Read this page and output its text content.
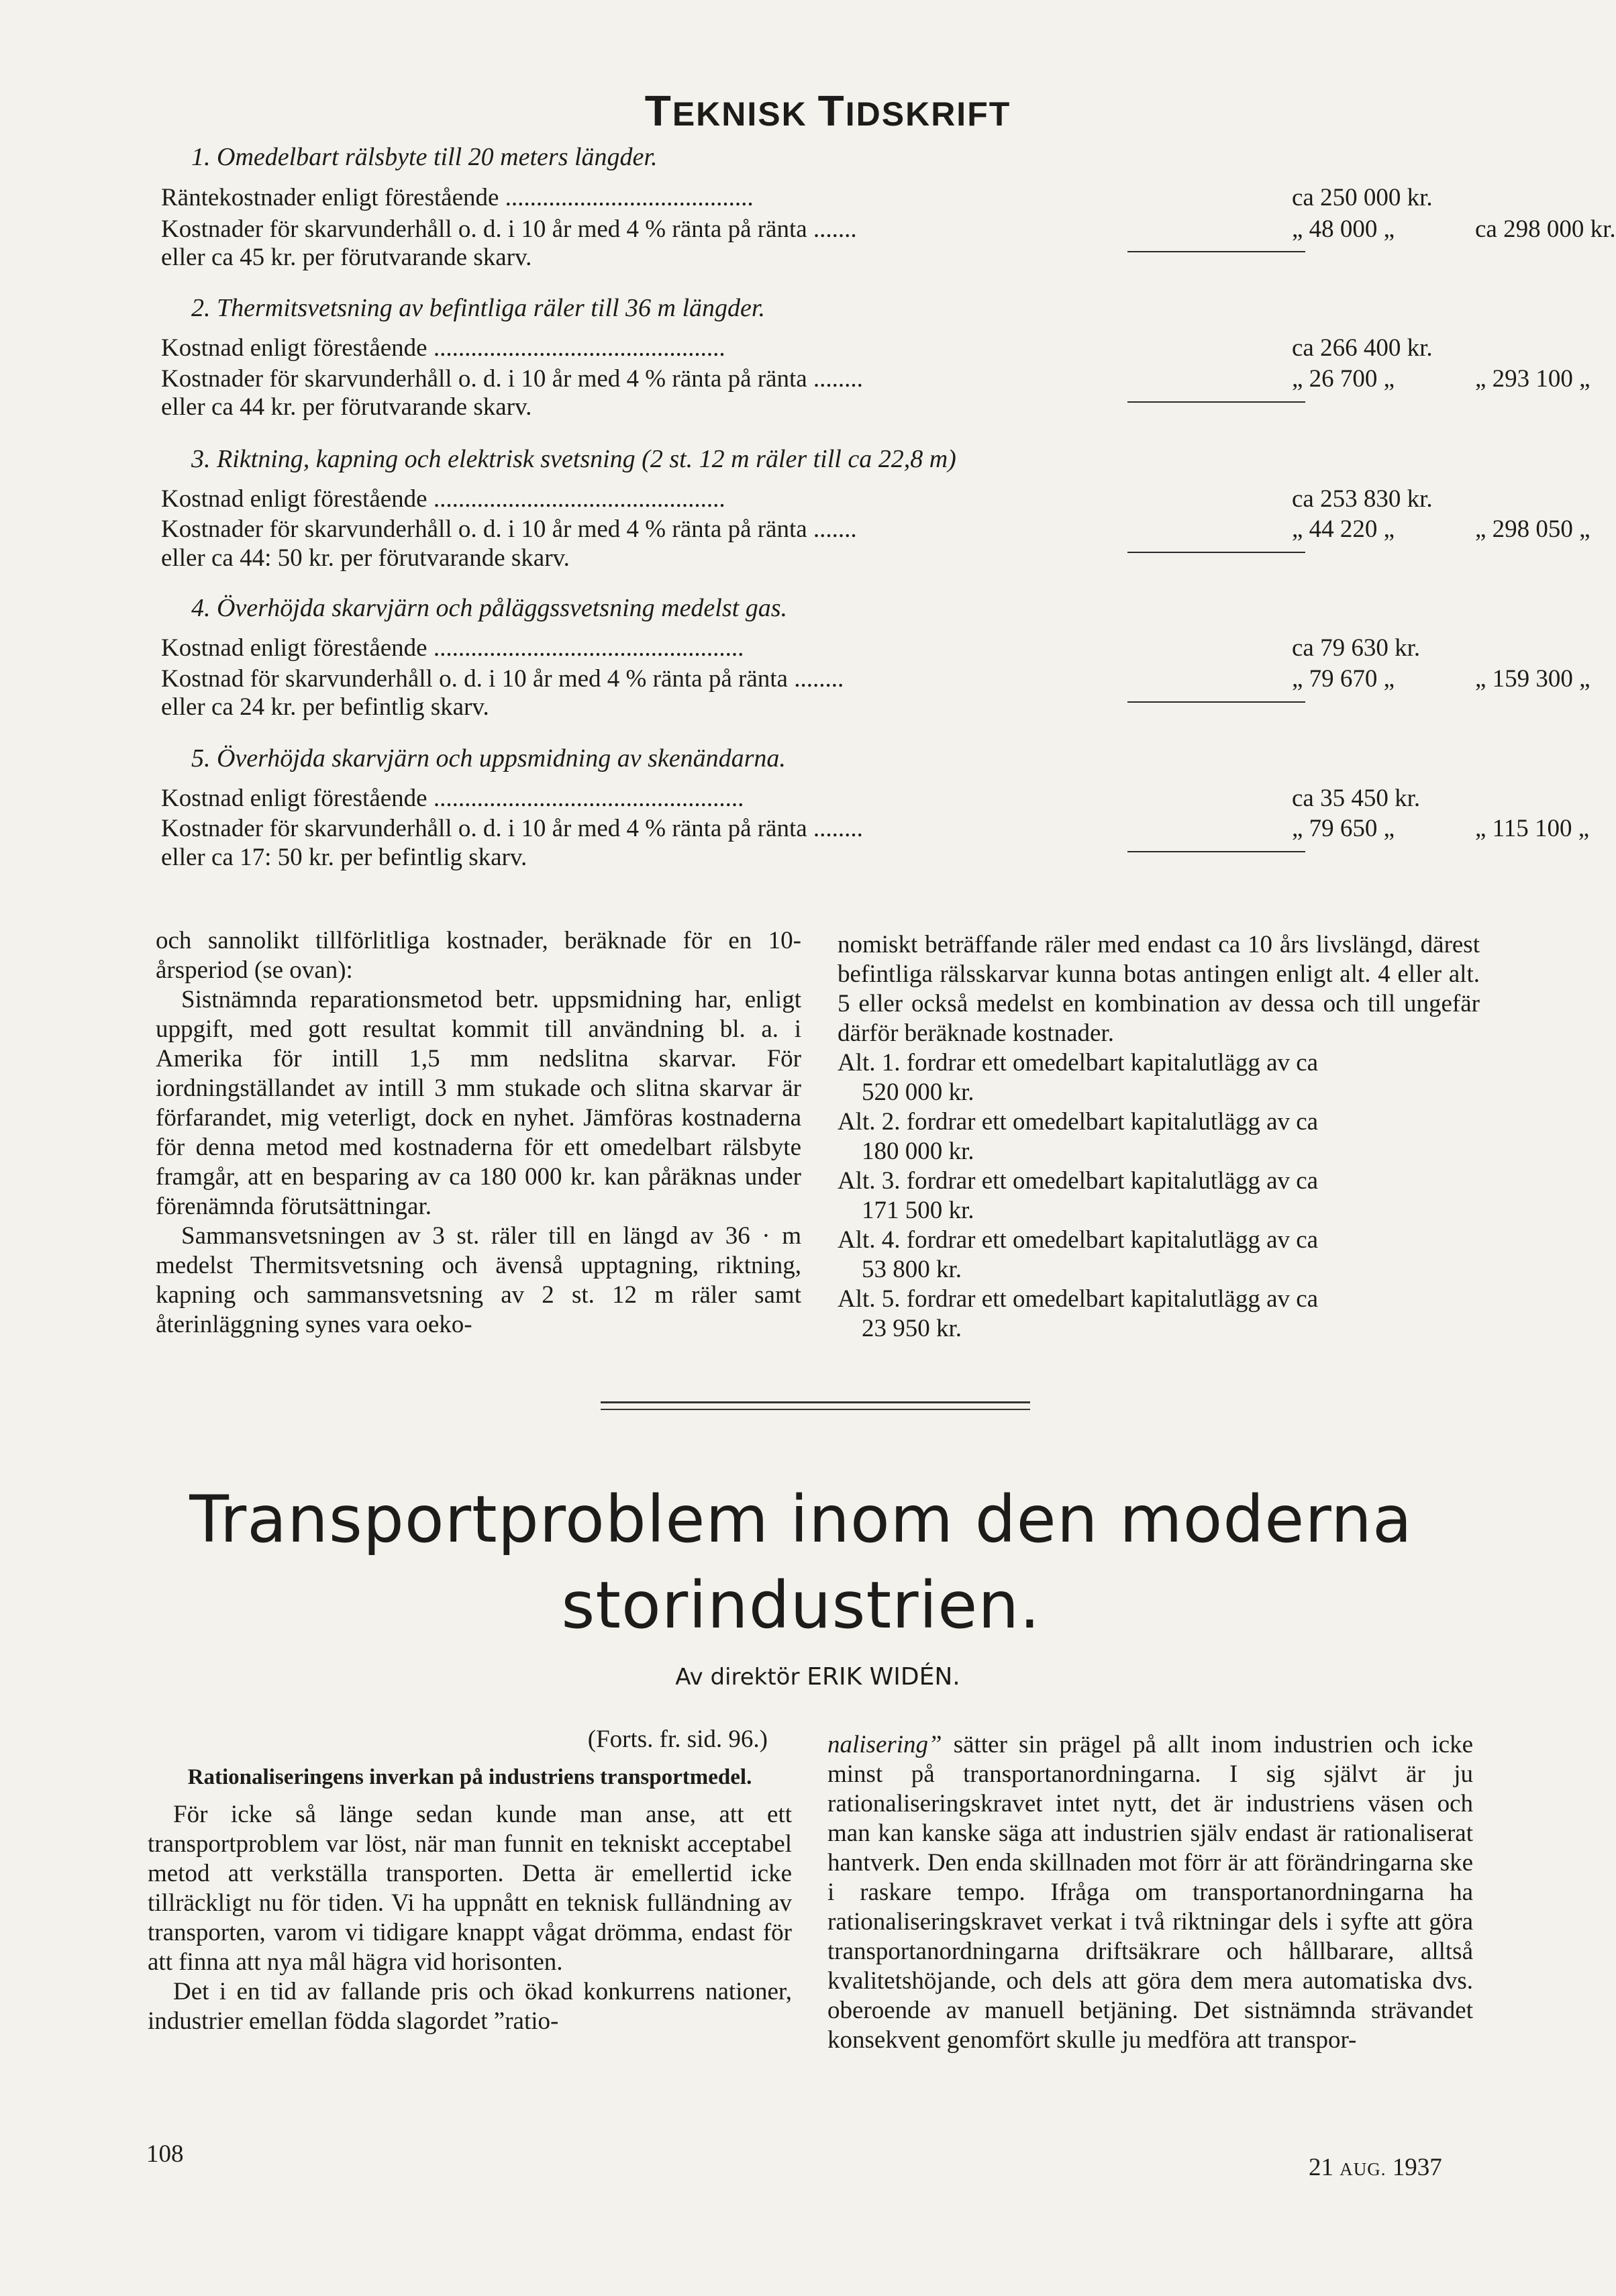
TEKNISK TIDSKRIFT
1. Omedelbart rälsbyte till 20 meters längder.
Räntekostnader enligt förestående ........................................	ca 250 000 kr.
Kostnader för skarvunderhåll o. d. i 10 år med 4 % ränta på ränta .......	„ 48 000 „	ca 298 000 kr.
eller ca 45 kr. per förutvarande skarv.
2. Thermitsvetsning av befintliga räler till 36 m längder.
Kostnad enligt förestående ...............................................	ca 266 400 kr.
Kostnader för skarvunderhåll o. d. i 10 år med 4 % ränta på ränta ........	„ 26 700 „	„ 293 100 „
eller ca 44 kr. per förutvarande skarv.
3. Riktning, kapning och elektrisk svetsning (2 st. 12 m räler till ca 22,8 m)
Kostnad enligt förestående ...............................................	ca 253 830 kr.
Kostnader för skarvunderhåll o. d. i 10 år med 4 % ränta på ränta .......	„ 44 220 „	„ 298 050 „
eller ca 44: 50 kr. per förutvarande skarv.
4. Överhöjda skarvjärn och påläggssvetsning medelst gas.
Kostnad enligt förestående ..................................................	ca 79 630 kr.
Kostnad för skarvunderhåll o. d. i 10 år med 4 % ränta på ränta ........	„ 79 670 „	„ 159 300 „
eller ca 24 kr. per befintlig skarv.
5. Överhöjda skarvjärn och uppsmidning av skenändarna.
Kostnad enligt förestående ..................................................	ca 35 450 kr.
Kostnader för skarvunderhåll o. d. i 10 år med 4 % ränta på ränta ........	„ 79 650 „	„ 115 100 „
eller ca 17: 50 kr. per befintlig skarv.

och sannolikt tillförlitliga kostnader, beräknade för en 10-årsperiod (se ovan):

Sistnämnda reparationsmetod betr. uppsmidning har, enligt uppgift, med gott resultat kommit till användning bl. a. i Amerika för intill 1,5 mm nedslitna skarvar. För iordningställandet av intill 3 mm stukade och slitna skarvar är förfarandet, mig veterligt, dock en nyhet. Jämföras kostnaderna för denna metod med kostnaderna för ett omedelbart rälsbyte framgår, att en besparing av ca 180 000 kr. kan påräknas under förenämnda förutsättningar.

Sammansvetsningen av 3 st. räler till en längd av 36 · m medelst Thermitsvetsning och ävenså upptagning, riktning, kapning och sammansvetsning av 2 st. 12 m räler samt återinläggning synes vara oeko-

nomiskt beträffande räler med endast ca 10 års livslängd, därest befintliga rälsskarvar kunna botas antingen enligt alt. 4 eller alt. 5 eller också medelst en kombination av dessa och till ungefär därför beräknade kostnader.

Alt. 1. fordrar ett omedelbart kapitalutlägg av ca
520 000 kr.
Alt. 2. fordrar ett omedelbart kapitalutlägg av ca
180 000 kr.
Alt. 3. fordrar ett omedelbart kapitalutlägg av ca
171 500 kr.
Alt. 4. fordrar ett omedelbart kapitalutlägg av ca
53 800 kr.
Alt. 5. fordrar ett omedelbart kapitalutlägg av ca
23 950 kr.
Transportproblem inom den moderna
storindustrien.
Av direktör ERIK WIDÉN.
(Forts. fr. sid. 96.)
Rationaliseringens inverkan på industriens transportmedel.

För icke så länge sedan kunde man anse, att ett transportproblem var löst, när man funnit en tekniskt acceptabel metod att verkställa transporten. Detta är emellertid icke tillräckligt nu för tiden. Vi ha uppnått en teknisk fulländning av transporten, varom vi tidigare knappt vågat drömma, endast för att finna att nya mål hägra vid horisonten.

Det i en tid av fallande pris och ökad konkurrens nationer, industrier emellan födda slagordet ”ratio-

nalisering” sätter sin prägel på allt inom industrien och icke minst på transportanordningarna. I sig självt är ju rationaliseringskravet intet nytt, det är industriens väsen och man kan kanske säga att industrien själv endast är rationaliserat hantverk. Den enda skillnaden mot förr är att förändringarna ske i raskare tempo. Ifråga om transportanordningarna ha rationaliseringskravet verkat i två riktningar dels i syfte att göra transportanordningarna driftsäkrare och hållbarare, alltså kvalitetshöjande, och dels att göra dem mera automatiska dvs. oberoende av manuell betjäning. Det sistnämnda strävandet konsekvent genomfört skulle ju medföra att transpor-

108	21 AUG. 1937
